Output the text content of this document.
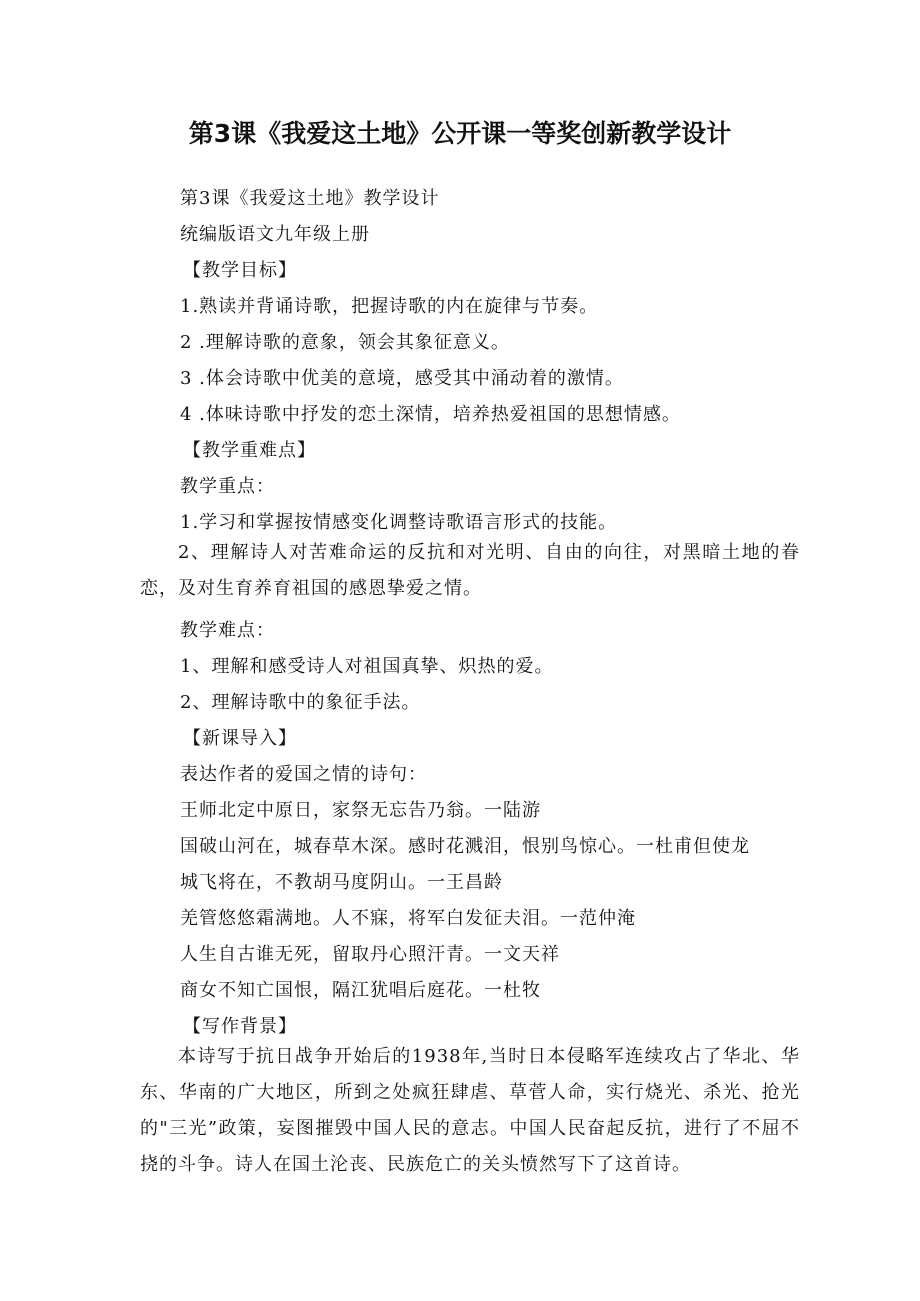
第3课《我爱这土地》公开课一等奖创新教学设计

第3课《我爱这土地》教学设计

统编版语文九年级上册

【教学目标】

1.熟读并背诵诗歌，把握诗歌的内在旋律与节奏。

2 .理解诗歌的意象，领会其象征意义。

3 .体会诗歌中优美的意境，感受其中涌动着的激情。

4 .体味诗歌中抒发的恋土深情，培养热爱祖国的思想情感。

【教学重难点】

教学重点：

1.学习和掌握按情感变化调整诗歌语言形式的技能。

2、理解诗人对苦难命运的反抗和对光明、自由的向往，对黑暗土地的眷恋，及对生育养育祖国的感恩挚爱之情。

教学难点：

1、理解和感受诗人对祖国真挚、炽热的爱。

2、理解诗歌中的象征手法。

【新课导入】

表达作者的爱国之情的诗句：

王师北定中原日，家祭无忘告乃翁。一陆游

国破山河在，城春草木深。感时花溅泪，恨别鸟惊心。一杜甫但使龙

城飞将在，不教胡马度阴山。一王昌龄

羌管悠悠霜满地。人不寐，将军白发征夫泪。一范仲淹

人生自古谁无死，留取丹心照汗青。一文天祥

商女不知亡国恨，隔江犹唱后庭花。一杜牧

【写作背景】

本诗写于抗日战争开始后的1938年,当时日本侵略军连续攻占了华北、华东、华南的广大地区，所到之处疯狂肆虐、草菅人命，实行烧光、杀光、抢光的"三光”政策，妄图摧毁中国人民的意志。中国人民奋起反抗，进行了不屈不挠的斗争。诗人在国土沦丧、民族危亡的关头愤然写下了这首诗。
